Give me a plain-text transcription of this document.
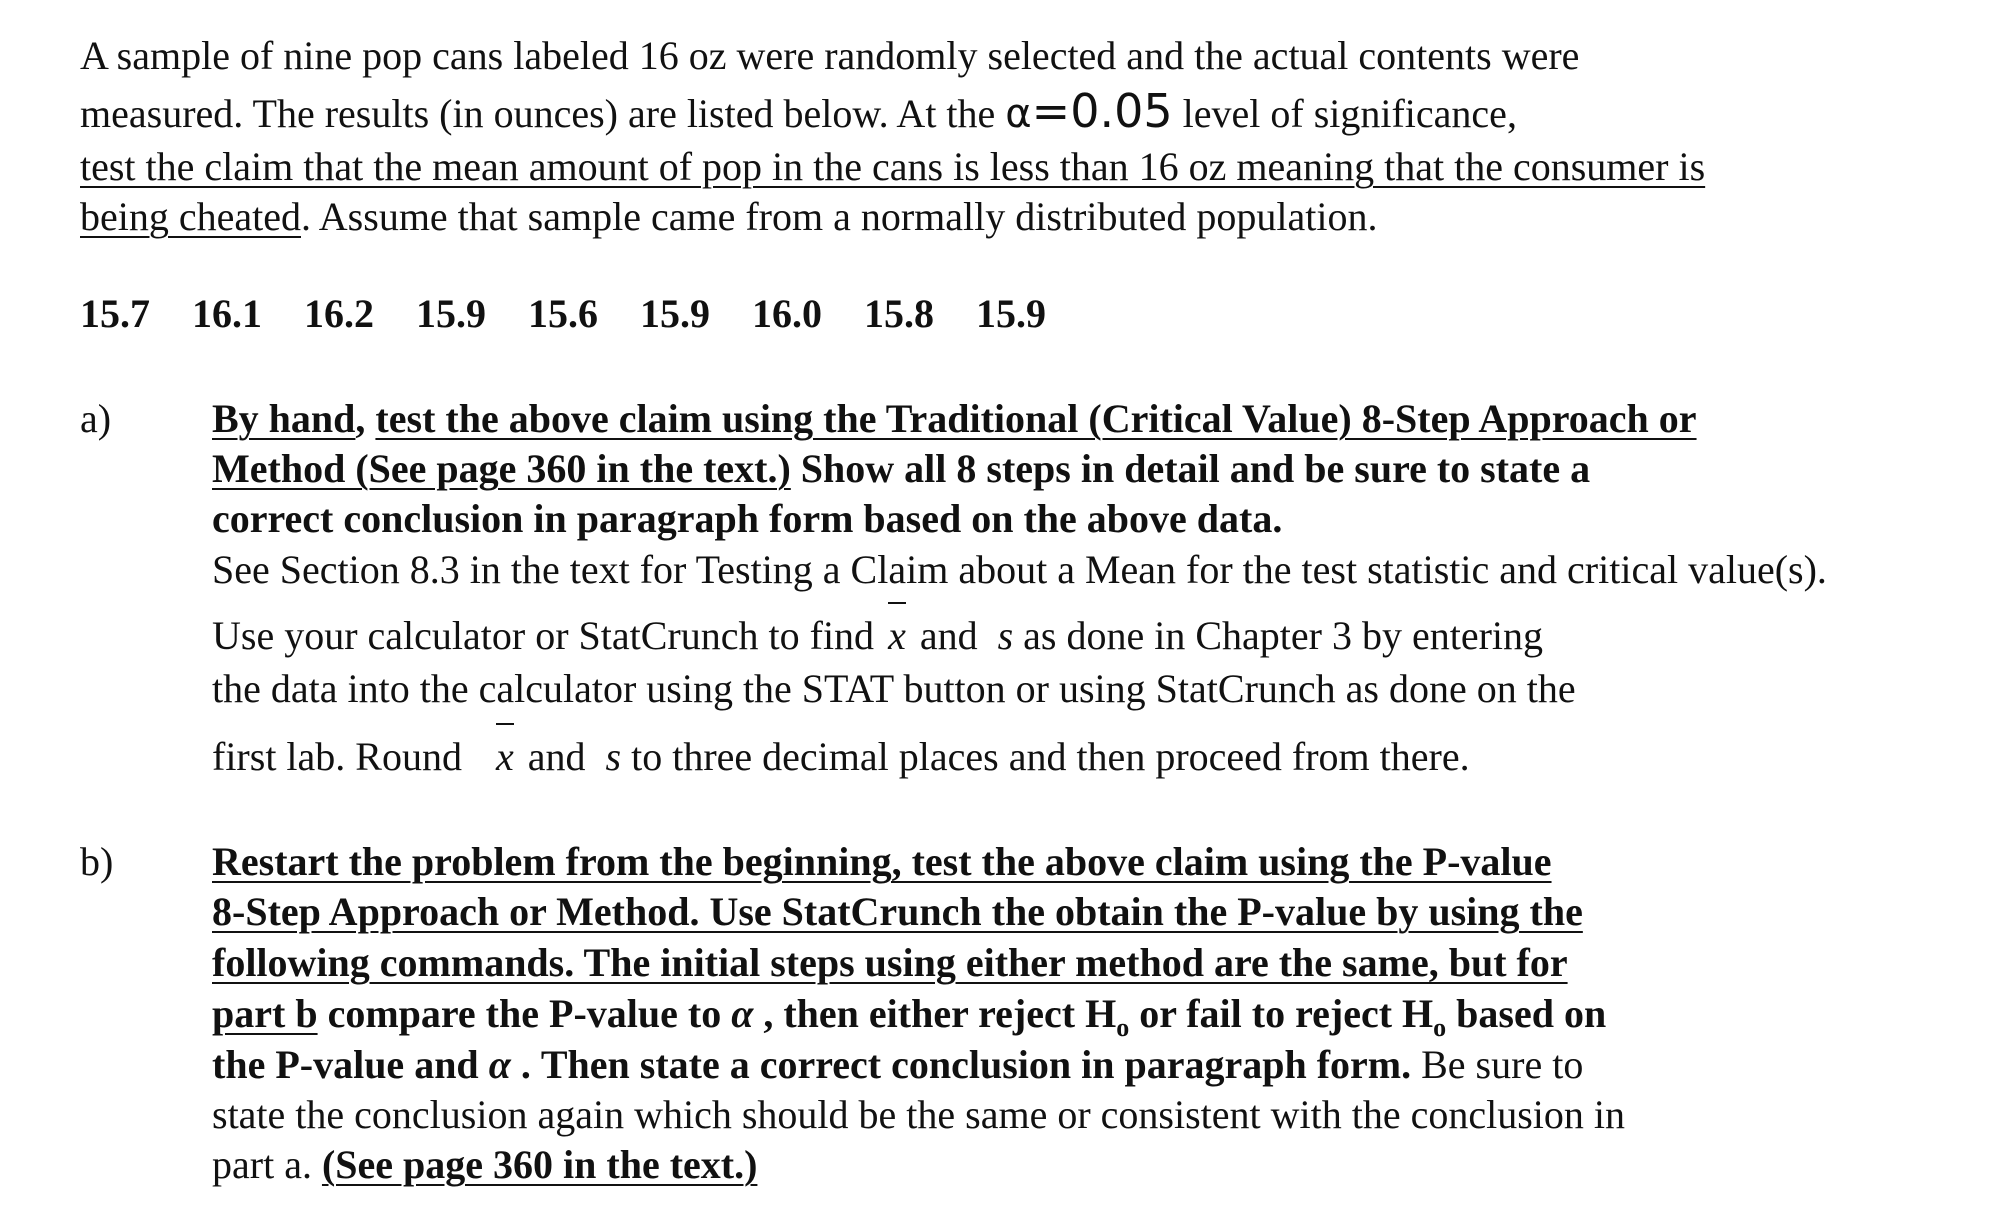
A sample of nine pop cans labeled 16 oz were randomly selected and the actual contents were
measured. The results (in ounces) are listed below. At the α=0.05 level of significance,
test the claim that the mean amount of pop in the cans is less than 16 oz meaning that the consumer is
being cheated. Assume that sample came from a normally distributed population.
15.7 16.1 16.2 15.9 15.6 15.9 16.0 15.8 15.9
a)	By hand, test the above claim using the Traditional (Critical Value) 8-Step Approach or
Method (See page 360 in the text.) Show all 8 steps in detail and be sure to state a
correct conclusion in paragraph form based on the above data.
See Section 8.3 in the text for Testing a Claim about a Mean for the test statistic and critical value(s).
Use your calculator or StatCrunch to find x and s as done in Chapter 3 by entering
the data into the calculator using the STAT button or using StatCrunch as done on the
first lab. Round x and s to three decimal places and then proceed from there.
b) Restart the problem from the beginning, test the above claim using the P-value
8-Step Approach or Method. Use StatCrunch the obtain the P-value by using the
following commands. The initial steps using either method are the same, but for
part b compare the P-value to α , then either reject $H_o$ or fail to reject $H_o$ based on
the P-value and α . Then state a correct conclusion in paragraph form. Be sure to
state the conclusion again which should be the same or consistent with the conclusion in
part a. (See page 360 in the text.)
